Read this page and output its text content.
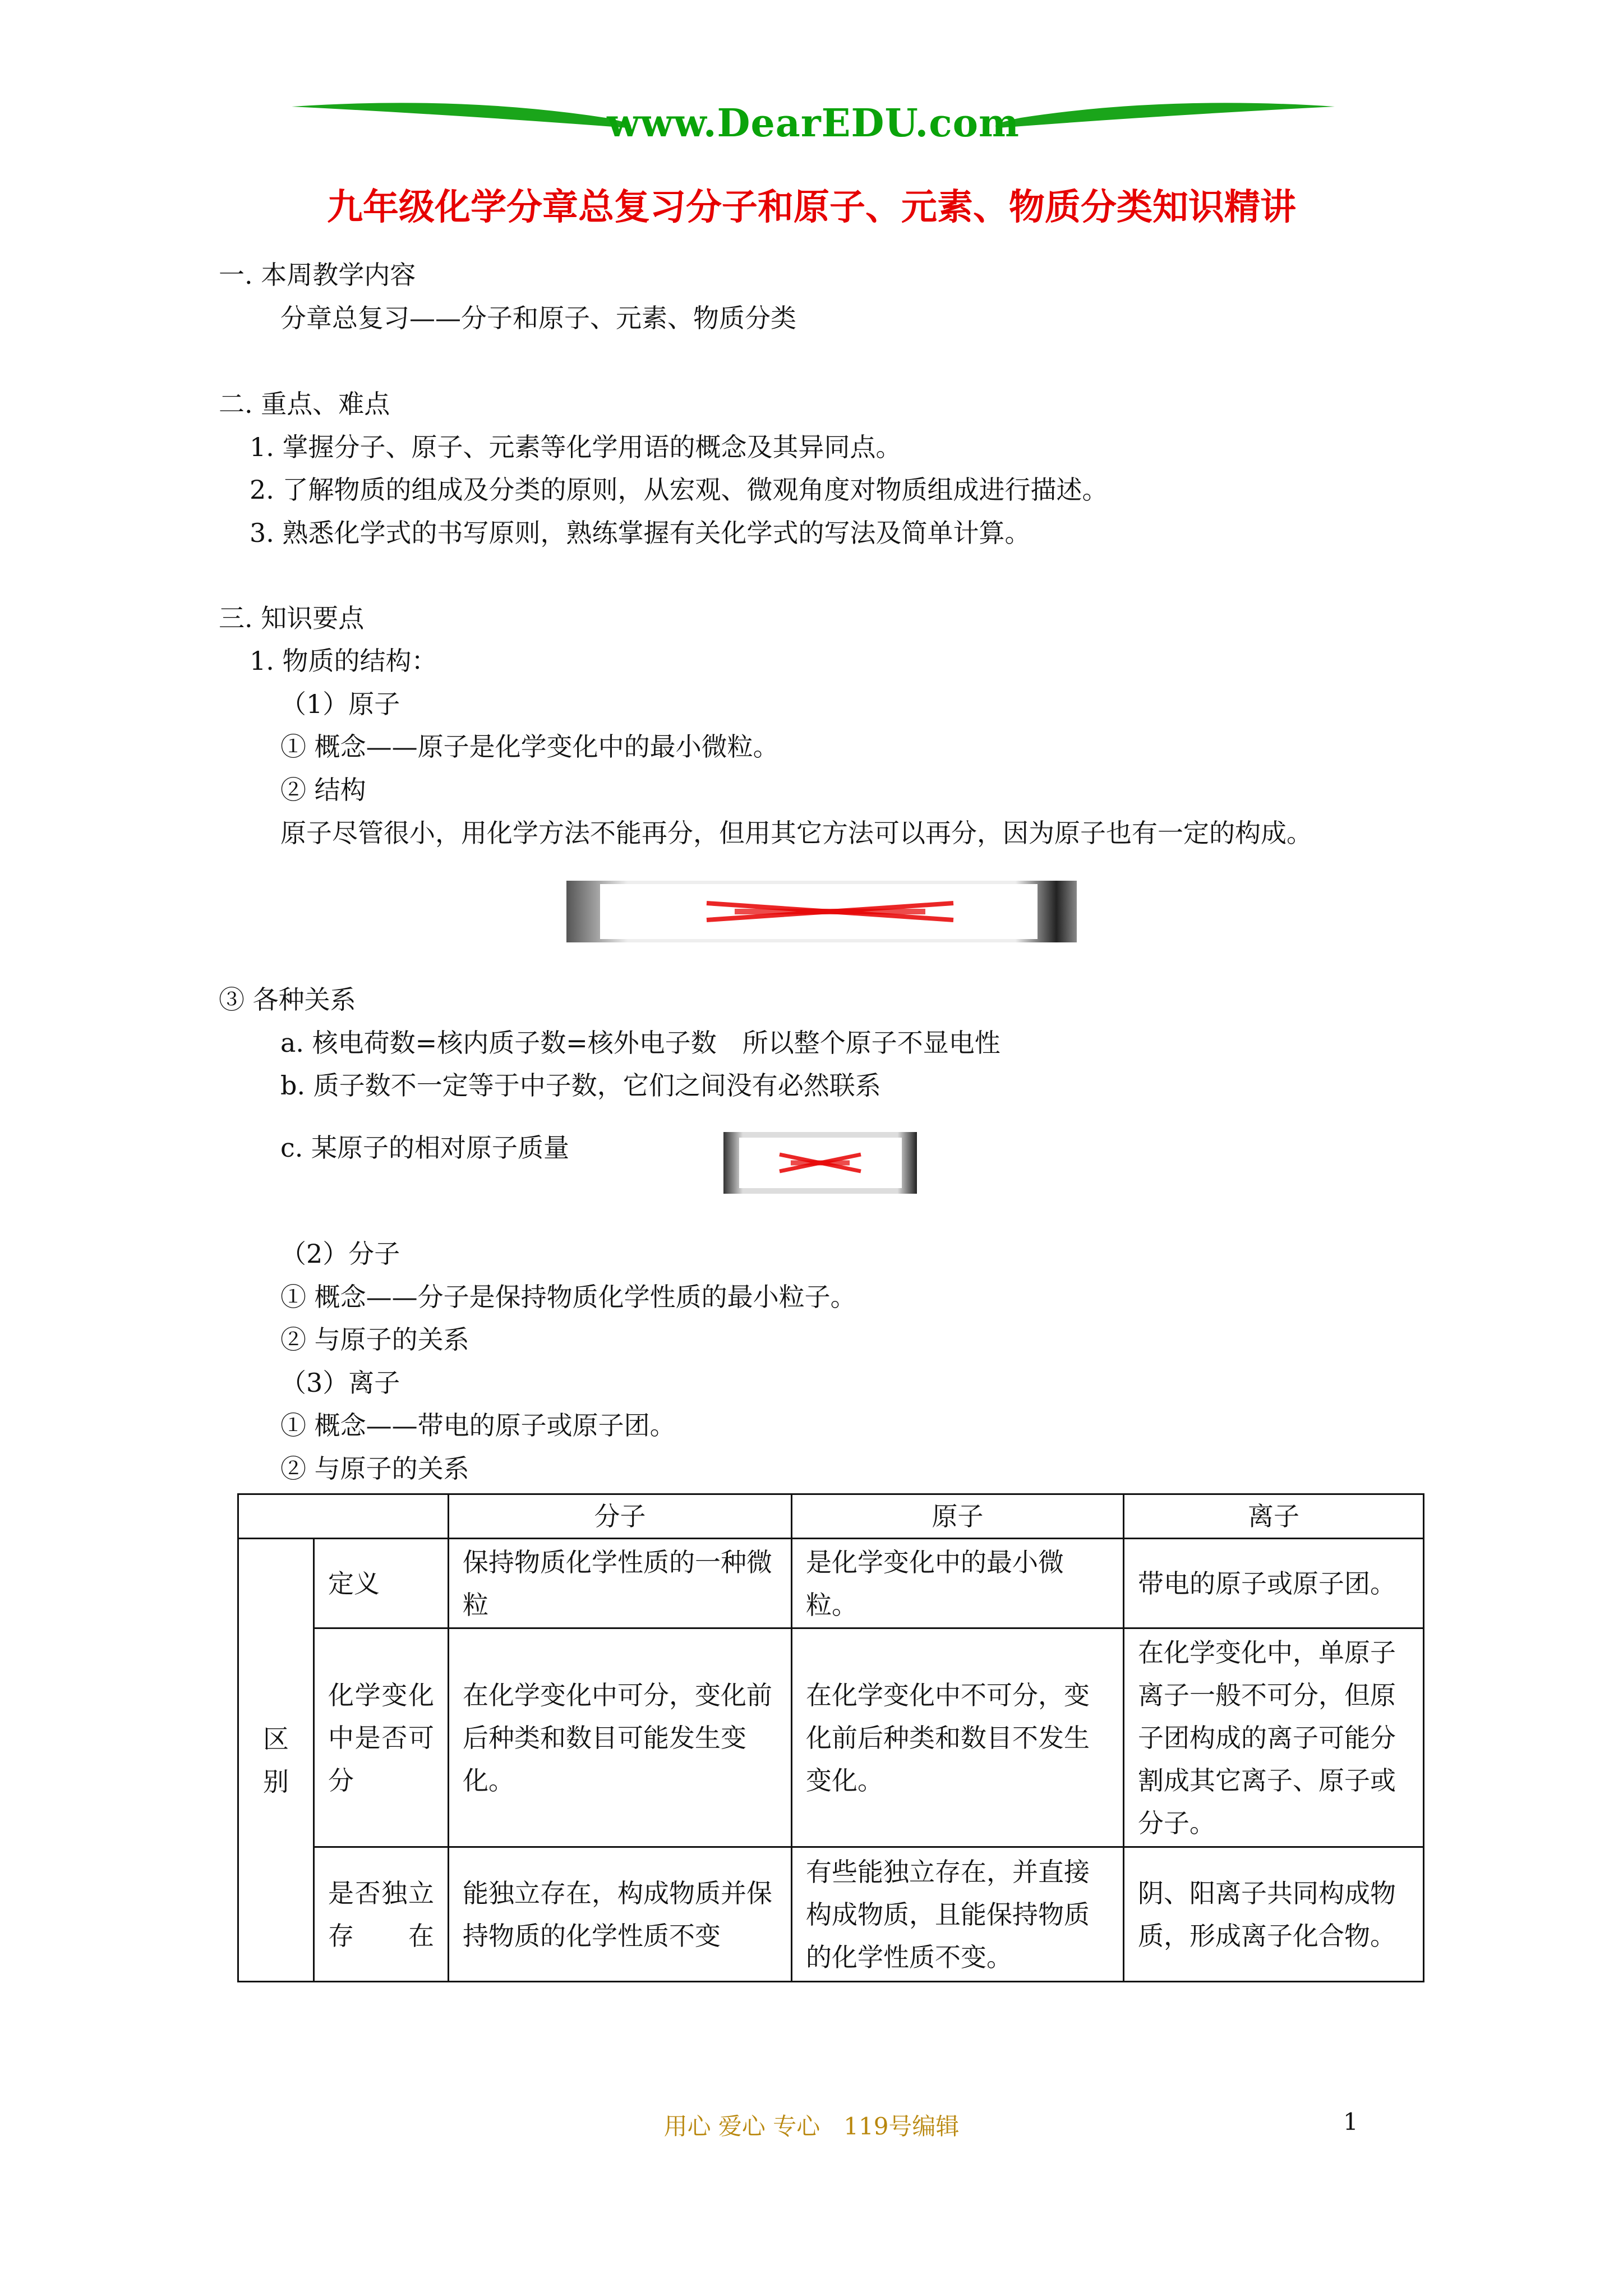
www.DearEDU.com
九年级化学分章总复习分子和原子、元素、物质分类知识精讲
一. 本周教学内容
分章总复习——分子和原子、元素、物质分类
二. 重点、难点
1. 掌握分子、原子、元素等化学用语的概念及其异同点。
2. 了解物质的组成及分类的原则，从宏观、微观角度对物质组成进行描述。
3. 熟悉化学式的书写原则，熟练掌握有关化学式的写法及简单计算。
三. 知识要点
1. 物质的结构：
（1）原子
① 概念——原子是化学变化中的最小微粒。
② 结构
原子尽管很小，用化学方法不能再分，但用其它方法可以再分，因为原子也有一定的构成。
③ 各种关系
a. 核电荷数=核内质子数=核外电子数　所以整个原子不显电性
b. 质子数不一定等于中子数，它们之间没有必然联系
c. 某原子的相对原子质量
（2）分子
① 概念——分子是保持物质化学性质的最小粒子。
② 与原子的关系
（3）离子
① 概念——带电的原子或原子团。
② 与原子的关系
		分子	原子	离子

区别	定义	保持物质化学性质的一种微粒	是化学变化中的最小微粒。	带电的原子或原子团。
	化学变化中是否可分	在化学变化中可分，变化前后种类和数目可能发生变化。	在化学变化中不可分，变化前后种类和数目不发生变化。	在化学变化中，单原子离子一般不可分，但原子团构成的离子可能分割成其它离子、原子或分子。
	是否独立存在	能独立存在，构成物质并保持物质的化学性质不变	有些能独立存在，并直接构成物质，且能保持物质的化学性质不变。	阴、阳离子共同构成物质，形成离子化合物。
用心 爱心 专心　119号编辑	1
